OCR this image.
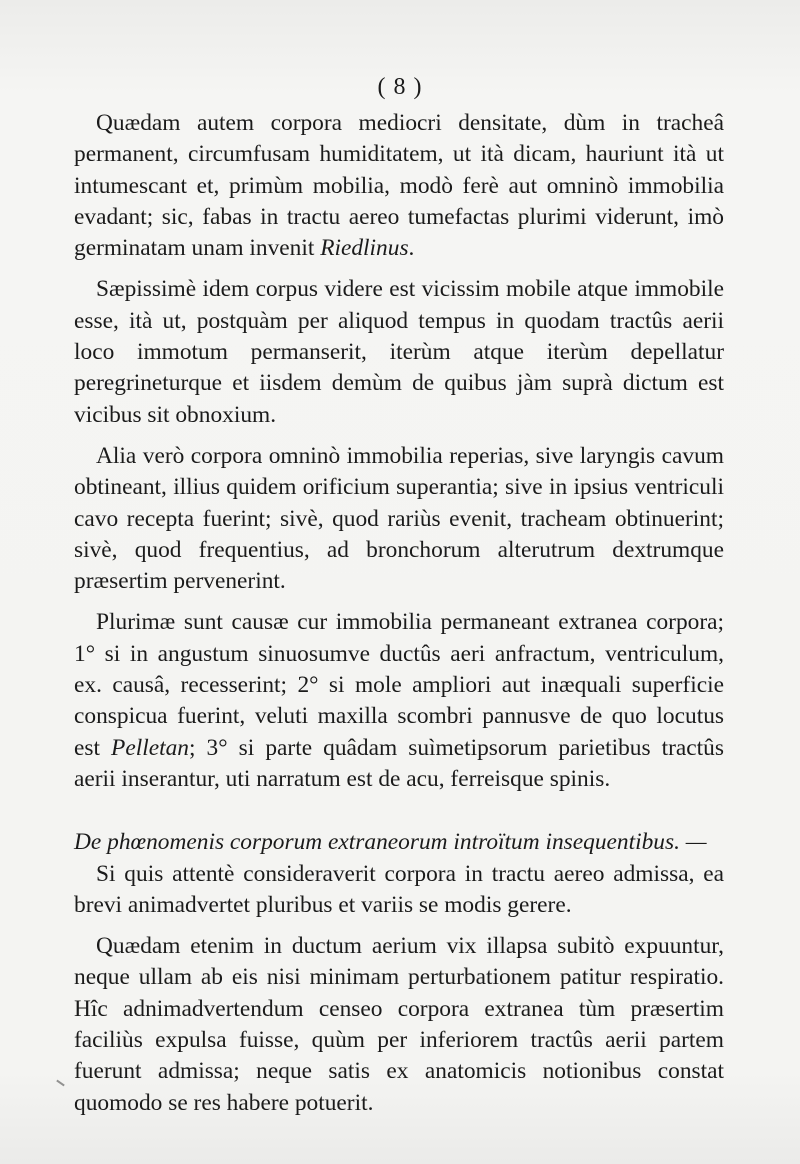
( 8 )

Quædam autem corpora mediocri densitate, dùm in tracheâ permanent, circumfusam humiditatem, ut ità dicam, hauriunt ità ut intumescant et, primùm mobilia, modò ferè aut omninò immobilia evadant; sic, fabas in tractu aereo tumefactas plurimi viderunt, imò germinatam unam invenit Riedlinus.

Sæpissimè idem corpus videre est vicissim mobile atque immobile esse, ità ut, postquàm per aliquod tempus in quodam tractûs aerii loco immotum permanserit, iterùm atque iterùm depellatur peregrineturque et iisdem demùm de quibus jàm suprà dictum est vicibus sit obnoxium.

Alia verò corpora omninò immobilia reperias, sive laryngis cavum obtineant, illius quidem orificium superantia; sive in ipsius ventriculi cavo recepta fuerint; sivè, quod rariùs evenit, tracheam obtinuerint; sivè, quod frequentius, ad bronchorum alterutrum dextrumque præsertim pervenerint.

Plurimæ sunt causæ cur immobilia permaneant extranea corpora; 1° si in angustum sinuosumve ductûs aeri anfractum, ventriculum, ex. causâ, recesserint; 2° si mole ampliori aut inæquali superficie conspicua fuerint, veluti maxilla scombri pannusve de quo locutus est Pelletan; 3° si parte quâdam suìmetipsorum parietibus tractûs aerii inserantur, uti narratum est de acu, ferreisque spinis.

De phœnomenis corporum extraneorum introïtum insequentibus. —

Si quis attentè consideraverit corpora in tractu aereo admissa, ea brevi animadvertet pluribus et variis se modis gerere.

Quædam etenim in ductum aerium vix illapsa subitò expuuntur, neque ullam ab eis nisi minimam perturbationem patitur respiratio. Hîc adnimadvertendum censeo corpora extranea tùm præsertim faciliùs expulsa fuisse, quùm per inferiorem tractûs aerii partem fuerunt admissa; neque satis ex anatomicis notionibus constat quomodo se res habere potuerit.
